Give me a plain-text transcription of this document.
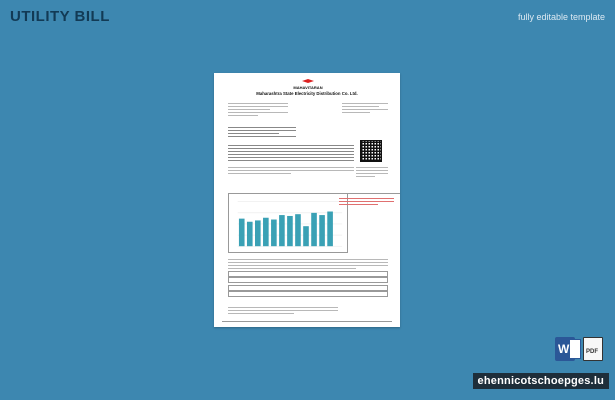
UTILITY BILL	fully editable template
MAHAVITARAN
Maharashtra State Electricity Distribution Co. Ltd.
W	PDF
ehennicotschoepges.lu
